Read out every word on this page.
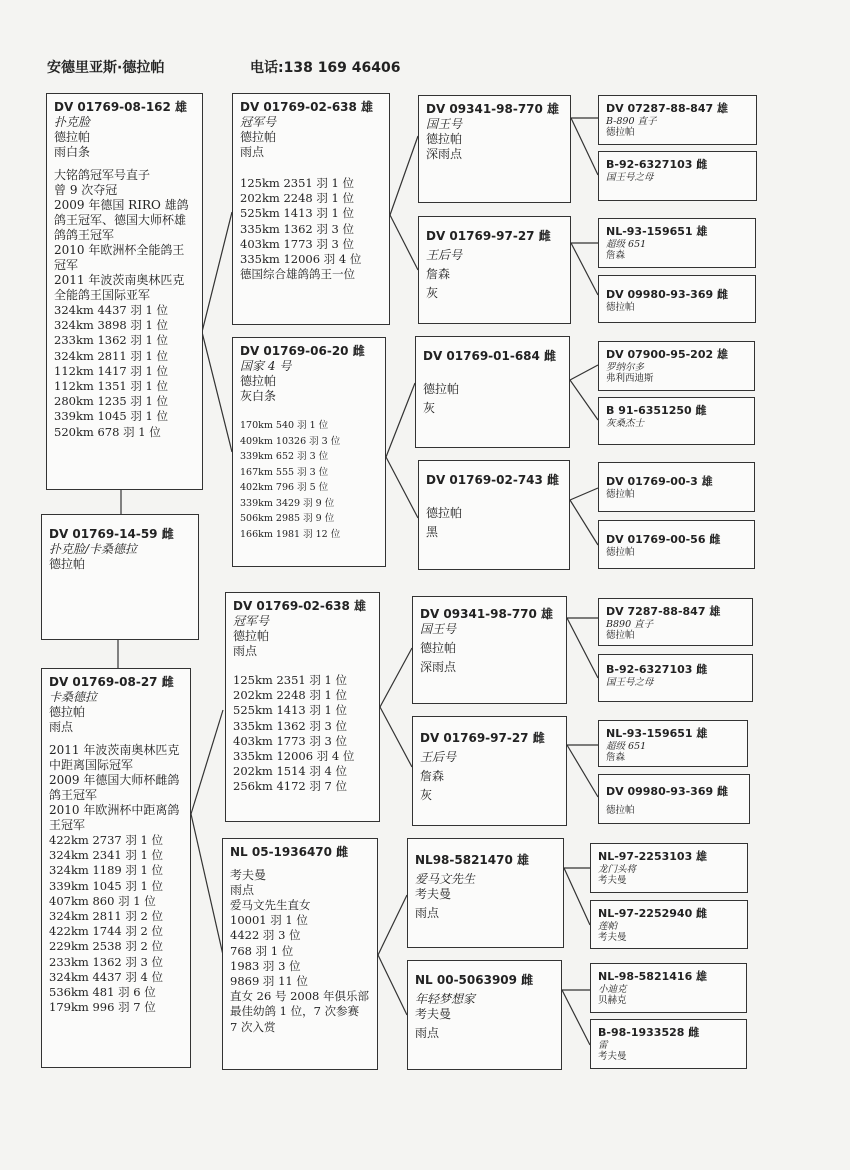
安德里亚斯·德拉帕	电话:138 169 46406
DV 01769-08-162 雄
扑克脸
德拉帕
雨白条
大铭鸽冠军号直子
曾 9 次夺冠
2009 年德国 RIRO 雄鸽鸽王冠军、德国大师杯雄鸽鸽王冠军
2010 年欧洲杯全能鸽王冠军
2011 年波茨南奥林匹克全能鸽王国际亚军
324km 4437 羽 1 位
324km 3898 羽 1 位
233km 1362 羽 1 位
324km 2811 羽 1 位
112km 1417 羽 1 位
112km 1351 羽 1 位
280km 1235 羽 1 位
339km 1045 羽 1 位
520km 678 羽 1 位
DV 01769-14-59 雌
扑克脸/卡桑德拉
德拉帕
DV 01769-08-27 雌
卡桑德拉
德拉帕
雨点
2011 年波茨南奥林匹克中距离国际冠军
2009 年德国大师杯雌鸽鸽王冠军
2010 年欧洲杯中距离鸽王冠军
422km 2737 羽 1 位
324km 2341 羽 1 位
324km 1189 羽 1 位
339km 1045 羽 1 位
407km 860 羽 1 位
324km 2811 羽 2 位
422km 1744 羽 2 位
229km 2538 羽 2 位
233km 1362 羽 3 位
324km 4437 羽 4 位
536km 481 羽 6 位
179km 996 羽 7 位
DV 01769-02-638 雄
冠军号
德拉帕
雨点
125km 2351 羽 1 位
202km 2248 羽 1 位
525km 1413 羽 1 位
335km 1362 羽 3 位
403km 1773 羽 3 位
335km 12006 羽 4 位
德国综合雄鸽鸽王一位
DV 01769-06-20 雌
国家 4 号
德拉帕
灰白条
170km 540 羽 1 位
409km 10326 羽 3 位
339km 652 羽 3 位
167km 555 羽 3 位
402km 796 羽 5 位
339km 3429 羽 9 位
506km 2985 羽 9 位
166km 1981 羽 12 位
DV 01769-02-638 雄
冠军号
德拉帕
雨点
125km 2351 羽 1 位
202km 2248 羽 1 位
525km 1413 羽 1 位
335km 1362 羽 3 位
403km 1773 羽 3 位
335km 12006 羽 4 位
202km 1514 羽 4 位
256km 4172 羽 7 位
NL 05-1936470 雌
考夫曼
雨点
爱马文先生直女
10001 羽 1 位
4422 羽 3 位
768 羽 1 位
1983 羽 3 位
9869 羽 11 位
直女 26 号 2008 年俱乐部最佳幼鸽 1 位，7 次参赛 7 次入赏
DV 09341-98-770 雄
国王号
德拉帕
深雨点
DV 01769-97-27 雌
王后号
詹森
灰
DV 01769-01-684 雌
德拉帕
灰
DV 01769-02-743 雌
德拉帕
黑
DV 09341-98-770 雄
国王号
德拉帕
深雨点
DV 01769-97-27 雌
王后号
詹森
灰
NL98-5821470 雄
爱马文先生
考夫曼
雨点
NL 00-5063909 雌
年轻梦想家
考夫曼
雨点
DV 07287-88-847 雄
B-890 直子
德拉帕
B-92-6327103 雌
国王号之母
NL-93-159651 雄
超级 651
詹森
DV 09980-93-369 雌
德拉帕
DV 07900-95-202 雄
罗纳尔多
弗利西迪斯
B 91-6351250 雌
灰桑杰士
DV 01769-00-3 雄
德拉帕
DV 01769-00-56 雌
德拉帕
DV 7287-88-847 雄
B890 直子
德拉帕
B-92-6327103 雌
国王号之母
NL-93-159651 雄
超级 651
詹森
DV 09980-93-369 雌
德拉帕
NL-97-2253103 雄
龙门头将
考夫曼
NL-97-2252940 雌
莲帕
考夫曼
NL-98-5821416 雄
小迪克
贝赫克
B-98-1933528 雌
雷
考夫曼
